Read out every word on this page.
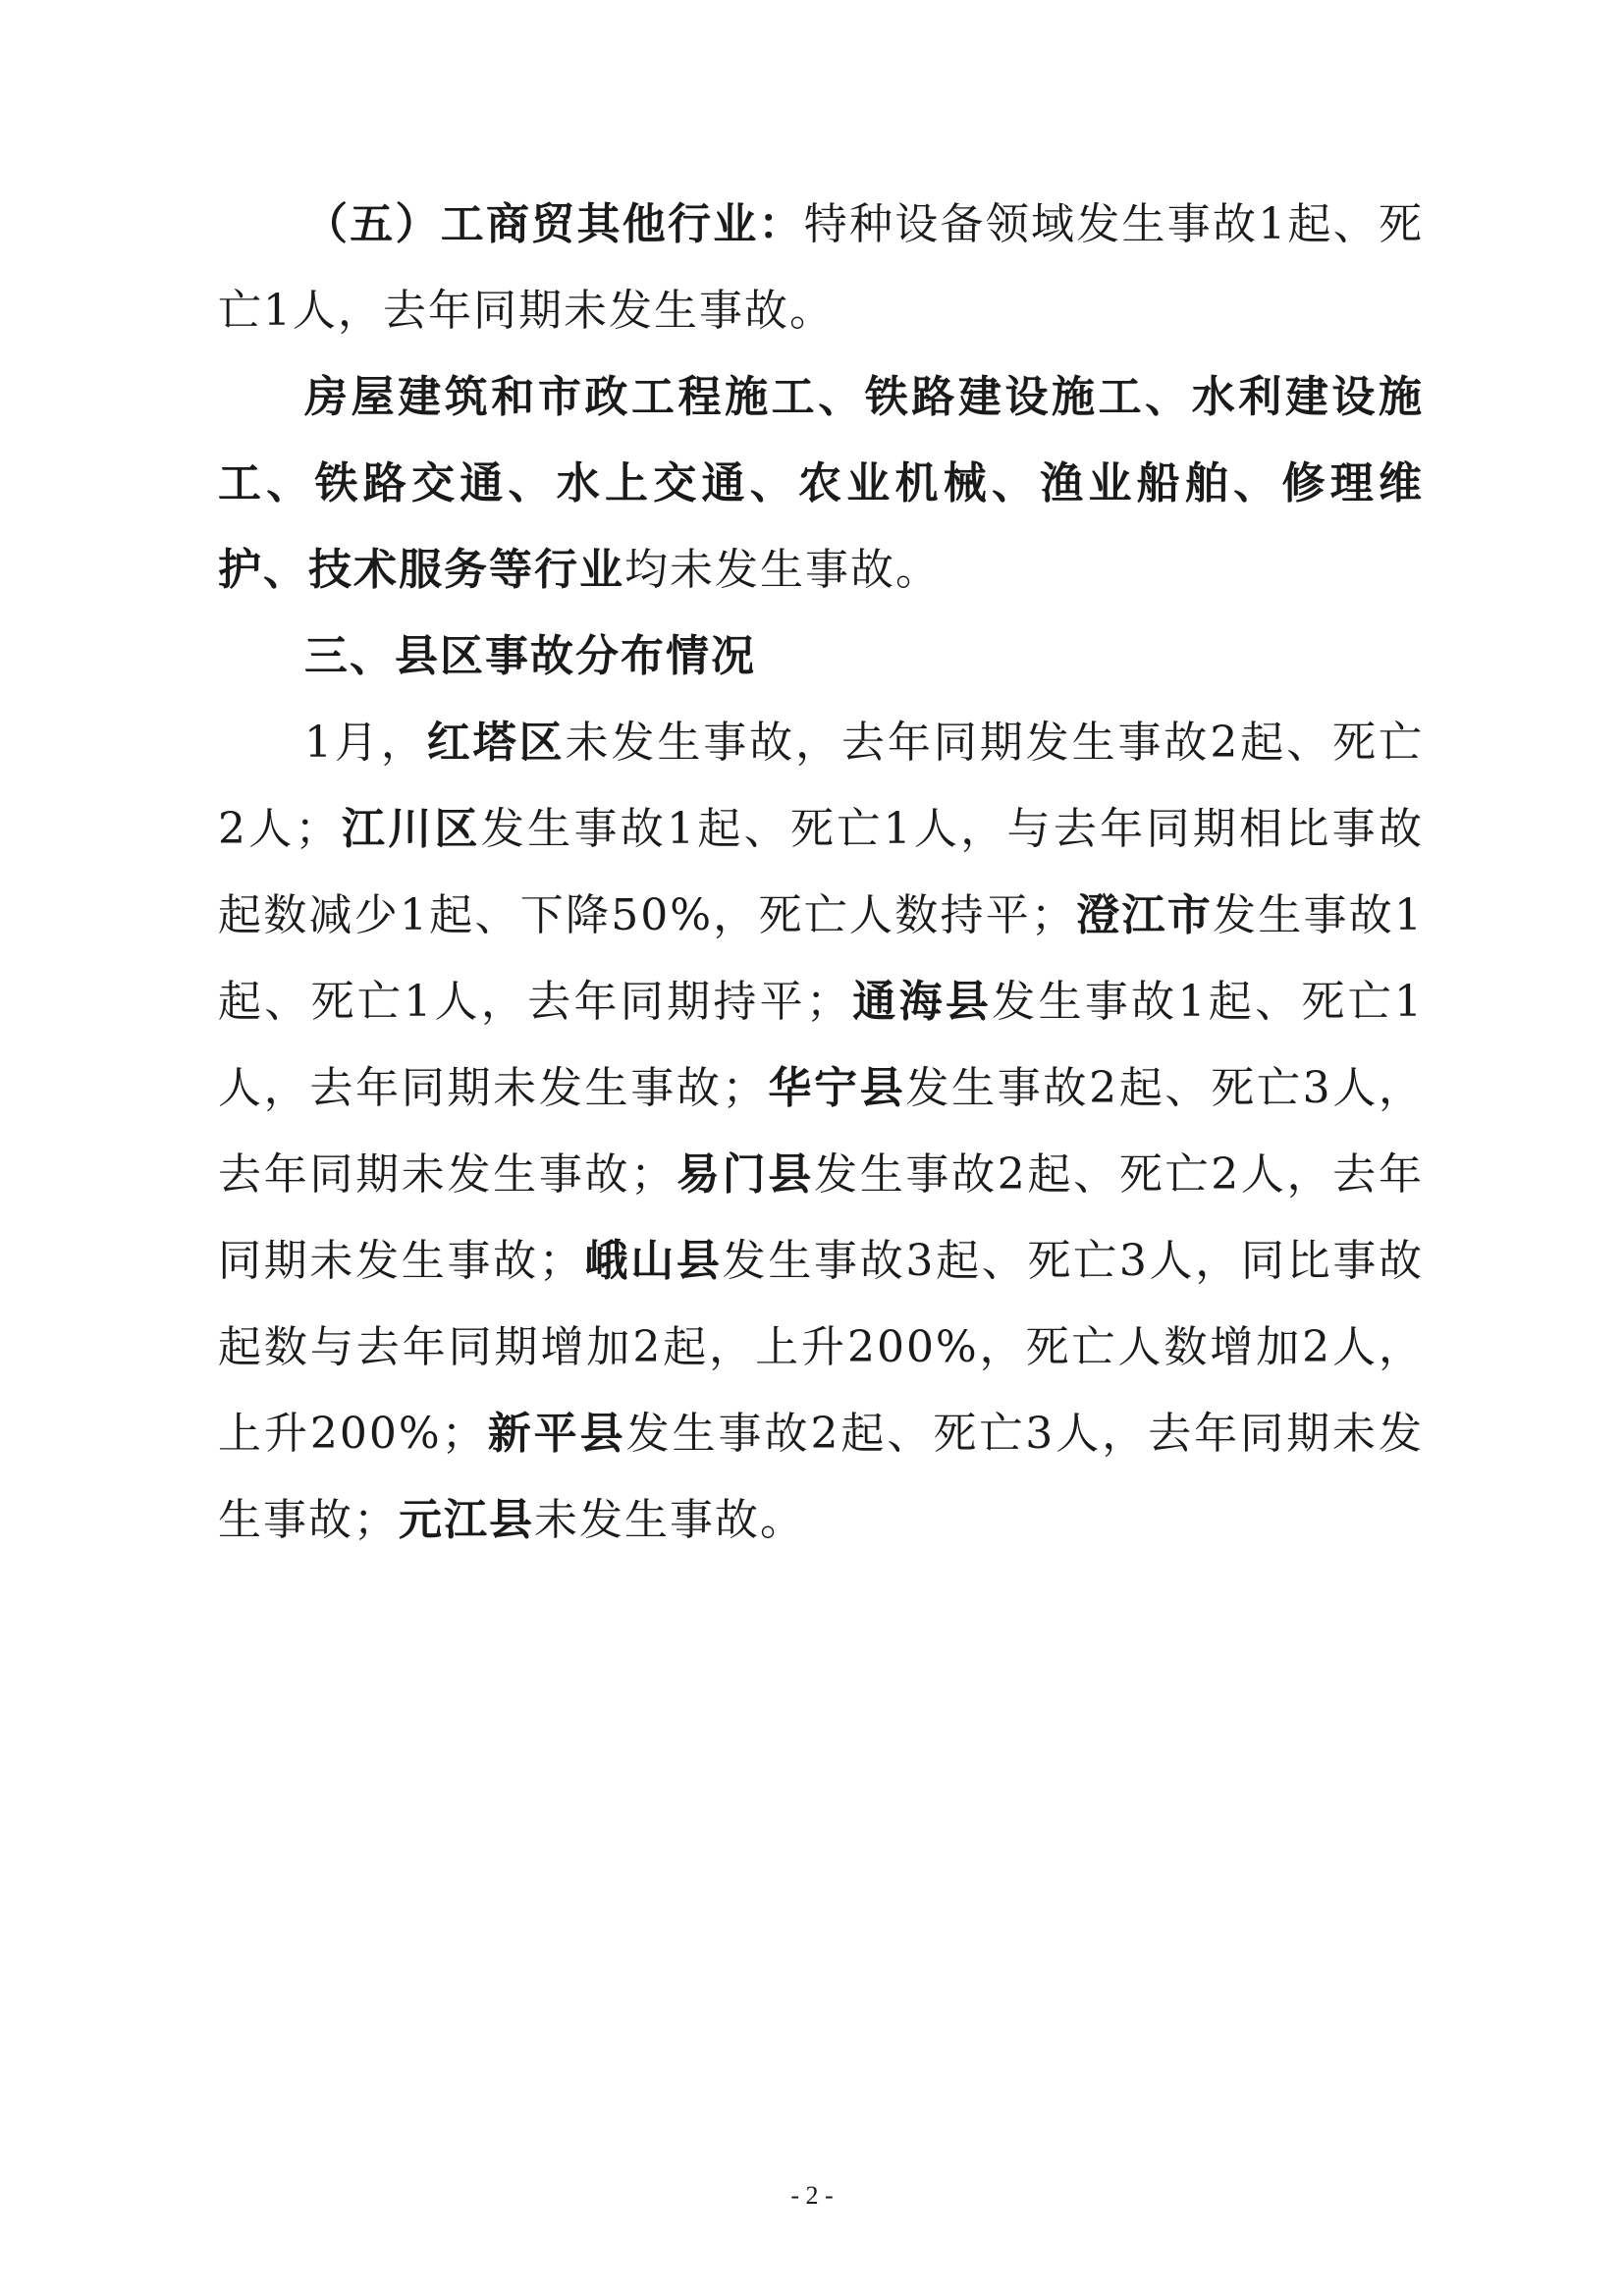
（五）工商贸其他行业：特种设备领域发生事故1起、死亡1人，去年同期未发生事故。

房屋建筑和市政工程施工、铁路建设施工、水利建设施工、铁路交通、水上交通、农业机械、渔业船舶、修理维护、技术服务等行业均未发生事故。

三、县区事故分布情况

1月，红塔区未发生事故，去年同期发生事故2起、死亡2人；江川区发生事故1起、死亡1人，与去年同期相比事故起数减少1起、下降50%，死亡人数持平；澄江市发生事故1起、死亡1人，去年同期持平；通海县发生事故1起、死亡1人，去年同期未发生事故；华宁县发生事故2起、死亡3人，去年同期未发生事故；易门县发生事故2起、死亡2人，去年同期未发生事故；峨山县发生事故3起、死亡3人，同比事故起数与去年同期增加2起，上升200%，死亡人数增加2人，上升200%；新平县发生事故2起、死亡3人，去年同期未发生事故；元江县未发生事故。

- 2 -
